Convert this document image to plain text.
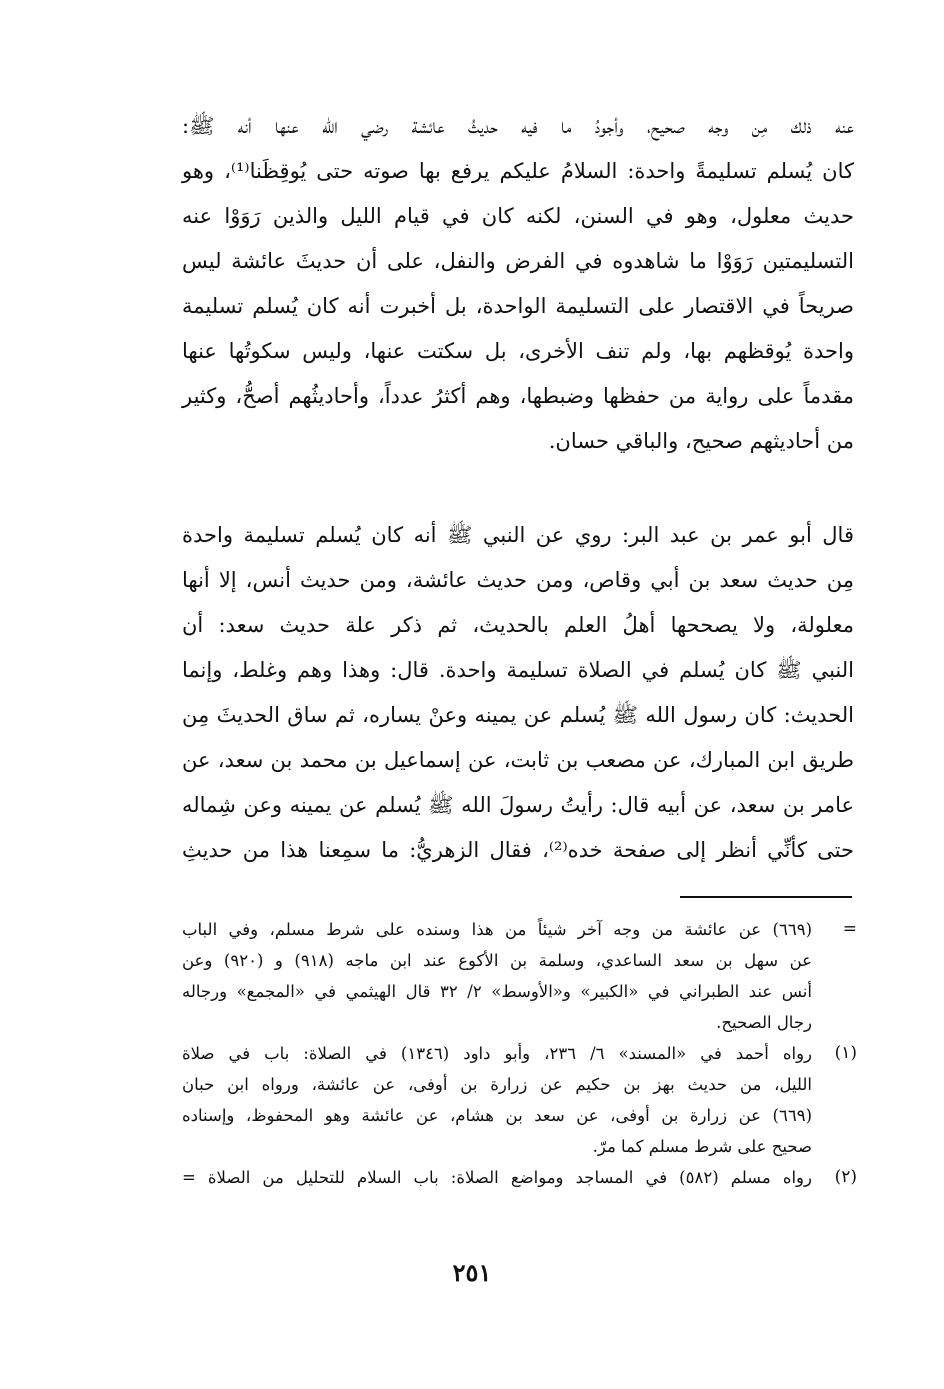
عنه ذلك مِن وجه صحيح، وأجودُ ما فيه حديثُ عائشة رضي الله عنها أنه ﷺ:
كان يُسلم تسليمةً واحدة: السلامُ عليكم يرفع بها صوته حتى يُوقِظَنا⁽¹⁾، وهو
حديث معلول، وهو في السنن، لكنه كان في قيام الليل والذين رَوَوْا عنه
التسليمتين رَوَوْا ما شاهدوه في الفرض والنفل، على أن حديثَ عائشة ليس
صريحاً في الاقتصار على التسليمة الواحدة، بل أخبرت أنه كان يُسلم تسليمة
واحدة يُوقظهم بها، ولم تنف الأخرى، بل سكتت عنها، وليس سكوتُها عنها
مقدماً على رواية من حفظها وضبطها، وهم أكثرُ عدداً، وأحاديثُهم أصحُّ، وكثير
من أحاديثهم صحيح، والباقي حسان.
قال أبو عمر بن عبد البر: روي عن النبي ﷺ أنه كان يُسلم تسليمة واحدة
مِن حديث سعد بن أبي وقاص، ومن حديث عائشة، ومن حديث أنس، إلا أنها
معلولة، ولا يصححها أهلُ العلم بالحديث، ثم ذكر علة حديث سعد: أن
النبي ﷺ كان يُسلم في الصلاة تسليمة واحدة. قال: وهذا وهم وغلط، وإنما
الحديث: كان رسول الله ﷺ يُسلم عن يمينه وعنْ يساره، ثم ساق الحديثَ مِن
طريق ابن المبارك، عن مصعب بن ثابت، عن إسماعيل بن محمد بن سعد، عن
عامر بن سعد، عن أبيه قال: رأيتُ رسولَ الله ﷺ يُسلم عن يمينه وعن شِماله
حتى كأنِّي أنظر إلى صفحة خده⁽²⁾، فقال الزهريُّ: ما سمِعنا هذا من حديثِ
=
(٦٦٩) عن عائشة من وجه آخر شيئاً من هذا وسنده على شرط مسلم، وفي الباب
عن سهل بن سعد الساعدي، وسلمة بن الأكوع عند ابن ماجه (٩١٨) و (٩٢٠) وعن
أنس عند الطبراني في «الكبير» و«الأوسط» ٢/ ٣٢ قال الهيثمي في «المجمع» ورجاله
رجال الصحيح.
(١)
رواه أحمد في «المسند» ٦/ ٢٣٦، وأبو داود (١٣٤٦) في الصلاة: باب في صلاة
الليل، من حديث بهز بن حكيم عن زرارة بن أوفى، عن عائشة، ورواه ابن حبان
(٦٦٩) عن زرارة بن أوفى، عن سعد بن هشام، عن عائشة وهو المحفوظ، وإسناده
صحيح على شرط مسلم كما مرّ.
(٢)
رواه مسلم (٥٨٢) في المساجد ومواضع الصلاة: باب السلام للتحليل من الصلاة =
٢٥١
